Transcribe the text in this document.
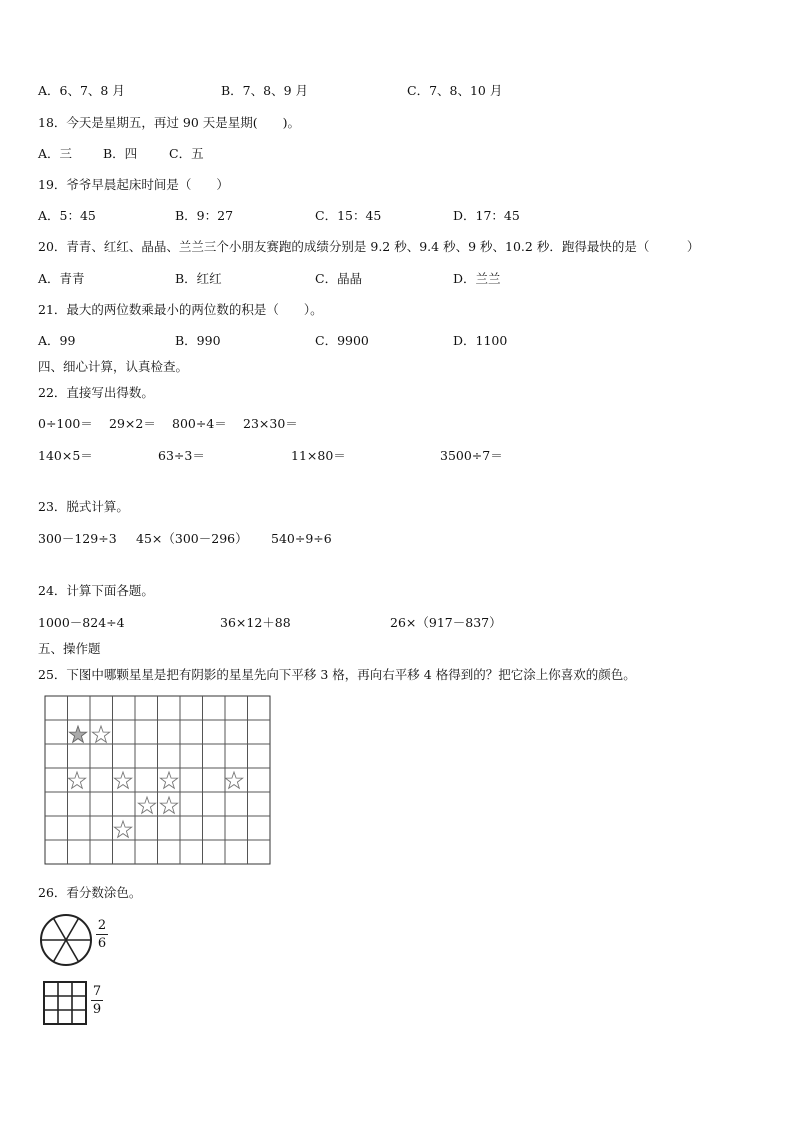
A．6、7、8 月	B．7、8、9 月	C．7、8、10 月
18．今天是星期五，再过 90 天是星期(　　)。
A．三 B．四	C．五
19．爷爷早晨起床时间是（　　）
A．5：45	B．9：27	C．15：45	D．17：45
20．青青、红红、晶晶、兰兰三个小朋友赛跑的成绩分别是 9.2 秒、9.4 秒、9 秒、10.2 秒．跑得最快的是（　　　）
A．青青	B．红红	C．晶晶	D．兰兰
21．最大的两位数乘最小的两位数的积是（　　）。
A．99	B．990	C．9900	D．1100
四、细心计算，认真检查。
22．直接写出得数。
0÷100＝ 29×2＝ 800÷4＝ 23×30＝
140×5＝	63÷3＝	11×80＝	3500÷7＝
23．脱式计算。
300－129÷3 45×（300－296） 540÷9÷6
24．计算下面各题。
1000－824÷4	36×12＋88	26×（917－837）
五、操作题
25．下图中哪颗星星是把有阴影的星星先向下平移 3 格，再向右平移 4 格得到的？把它涂上你喜欢的颜色。
26．看分数涂色。
2
6
7
9
